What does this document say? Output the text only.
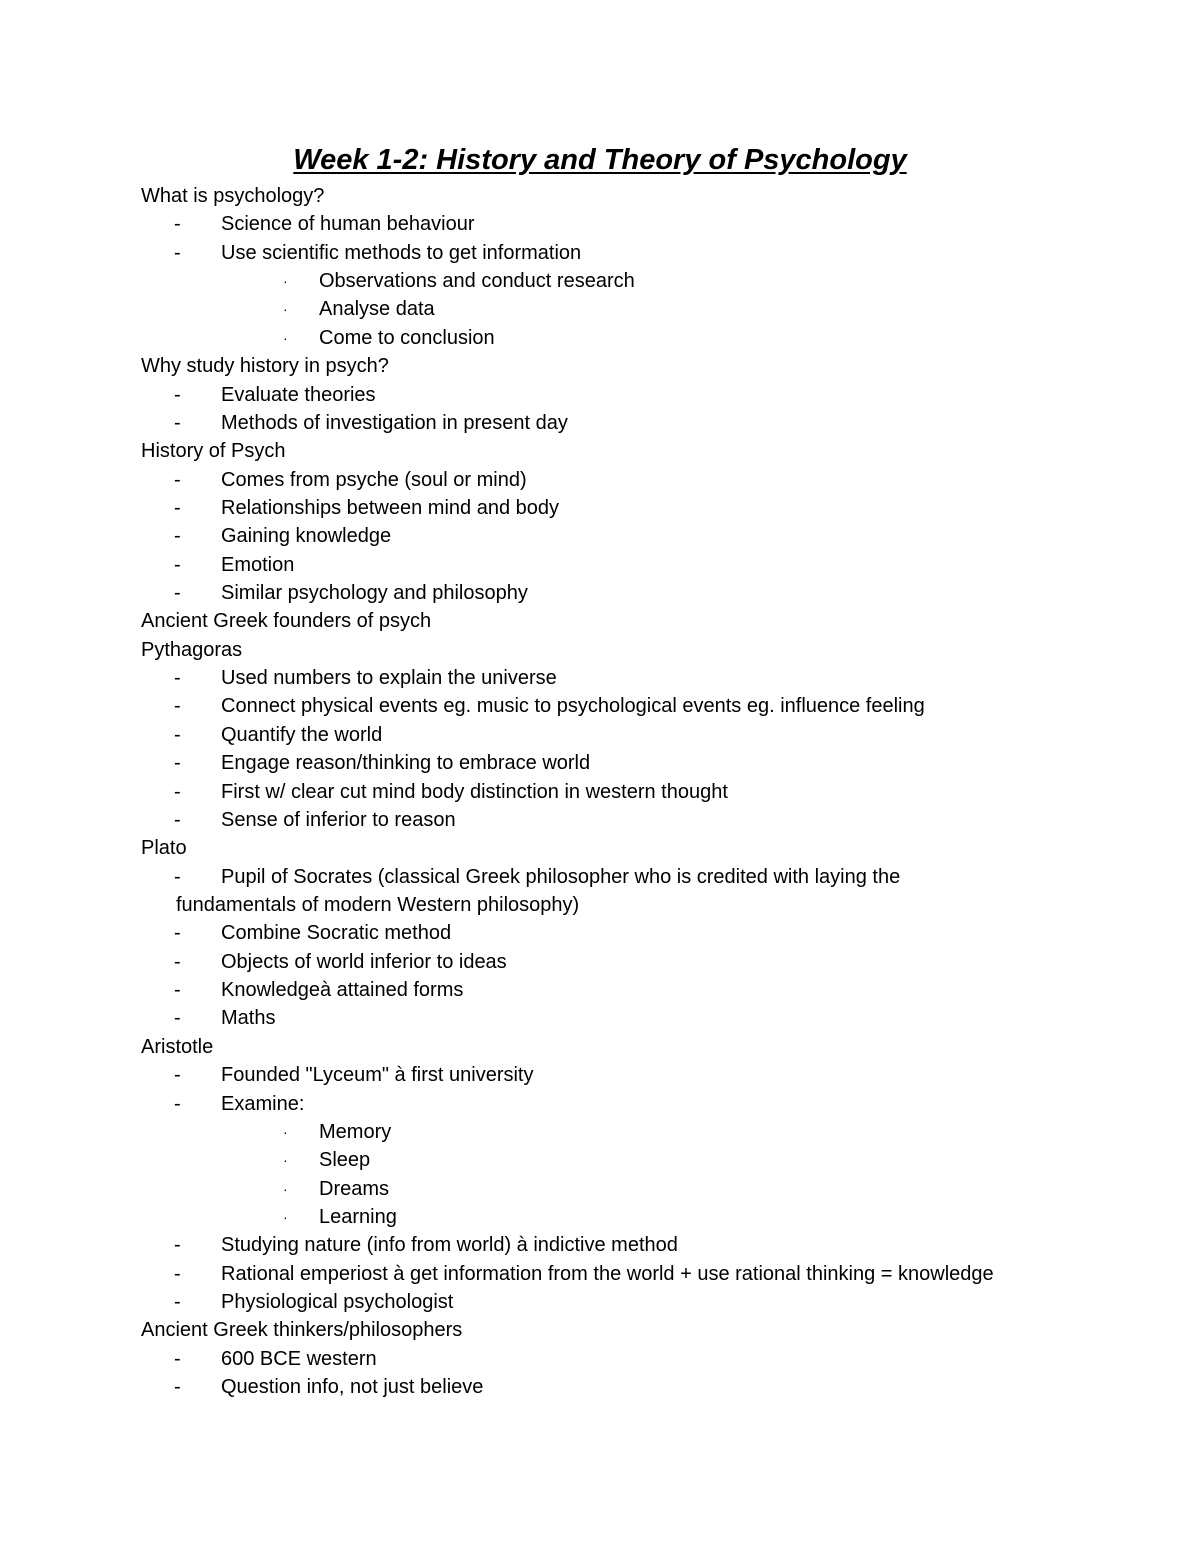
Week 1-2: History and Theory of Psychology
What is psychology?
-	Science of human behaviour
-	Use scientific methods to get information
· Observations and conduct research
· Analyse data
· Come to conclusion
Why study history in psych?
-	Evaluate theories
-	Methods of investigation in present day
History of Psych
-	Comes from psyche (soul or mind)
-	Relationships between mind and body
-	Gaining knowledge
-	Emotion
-	Similar psychology and philosophy
Ancient Greek founders of psych
Pythagoras
-	Used numbers to explain the universe
-	Connect physical events eg. music to psychological events eg. influence feeling
-	Quantify the world
-	Engage reason/thinking to embrace world
-	First w/ clear cut mind body distinction in western thought
-	Sense of inferior to reason
Plato
-	Pupil of Socrates (classical Greek philosopher who is credited with laying the
fundamentals of modern Western philosophy)
-	Combine Socratic method
-	Objects of world inferior to ideas
-	Knowledgeà attained forms
-	Maths
Aristotle
-	Founded "Lyceum" à first university
-	Examine:
· Memory
· Sleep
· Dreams
· Learning
-	Studying nature (info from world) à indictive method
-	Rational emperiost à get information from the world + use rational thinking = knowledge
-	Physiological psychologist
Ancient Greek thinkers/philosophers
-	600 BCE western
-	Question info, not just believe
